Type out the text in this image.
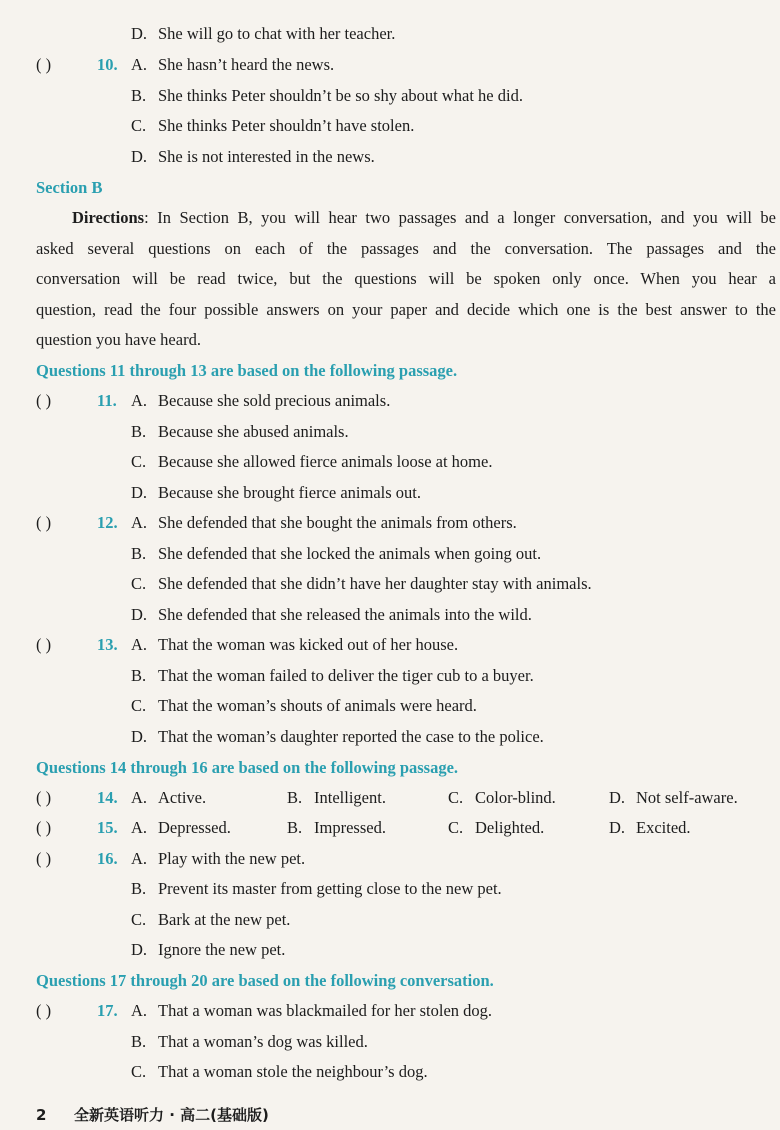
D. She will go to chat with her teacher.
( )	10. A. She hasn’t heard the news.
B. She thinks Peter shouldn’t be so shy about what he did.
C. She thinks Peter shouldn’t have stolen.
D. She is not interested in the news.
Section B
Directions: In Section B, you will hear two passages and a longer conversation, and you will be
asked several questions on each of the passages and the conversation. The passages and the
conversation will be read twice, but the questions will be spoken only once. When you hear a
question, read the four possible answers on your paper and decide which one is the best answer to the
question you have heard.
Questions 11 through 13 are based on the following passage.
( )	11. A. Because she sold precious animals.
B. Because she abused animals.
C. Because she allowed fierce animals loose at home.
D. Because she brought fierce animals out.
( )	12. A. She defended that she bought the animals from others.
B. She defended that she locked the animals when going out.
C. She defended that she didn’t have her daughter stay with animals.
D. She defended that she released the animals into the wild.
( )	13. A. That the woman was kicked out of her house.
B. That the woman failed to deliver the tiger cub to a buyer.
C. That the woman’s shouts of animals were heard.
D. That the woman’s daughter reported the case to the police.
Questions 14 through 16 are based on the following passage.
( )	14. A. Active.	B. Intelligent.	C. Color-blind.	D. Not self-aware.
( )	15. A. Depressed.	B. Impressed.	C. Delighted.	D. Excited.
( )	16. A. Play with the new pet.
B. Prevent its master from getting close to the new pet.
C. Bark at the new pet.
D. Ignore the new pet.
Questions 17 through 20 are based on the following conversation.
( )	17. A. That a woman was blackmailed for her stolen dog.
B. That a woman’s dog was killed.
C. That a woman stole the neighbour’s dog.
2 全新英语听力 · 高二(基础版)
